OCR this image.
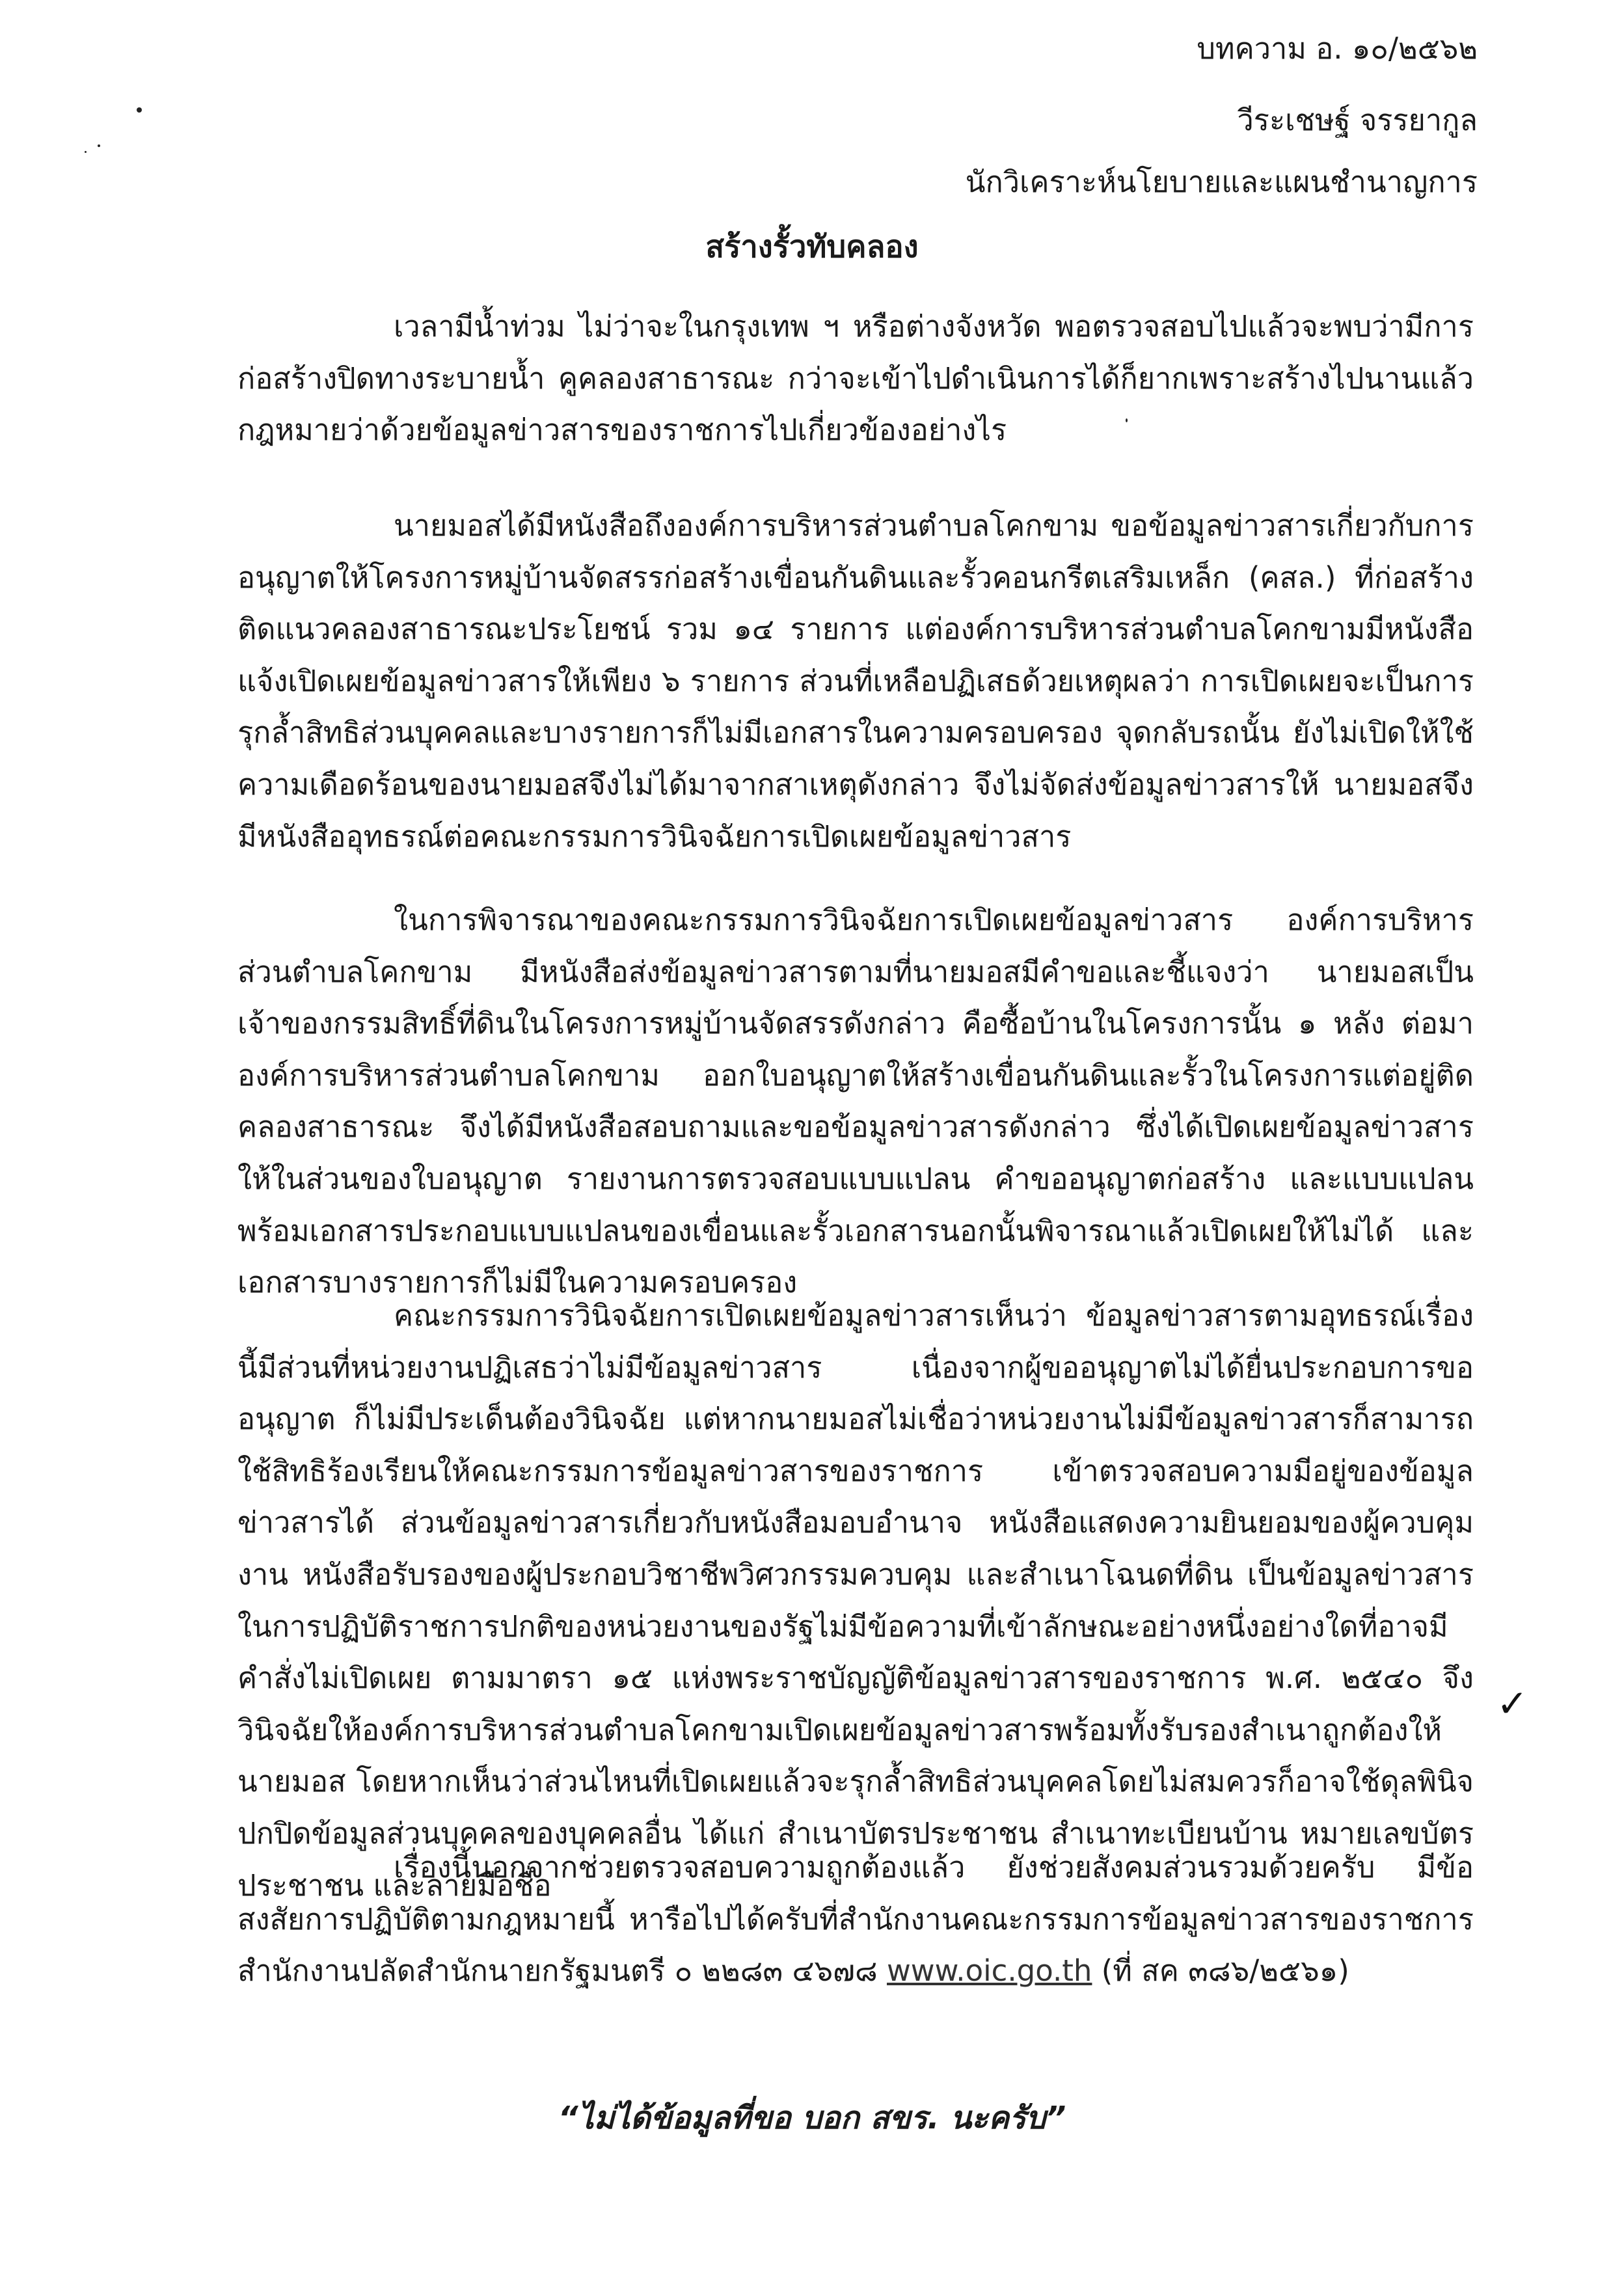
บทความ อ. ๑๐/๒๕๖๒
วีระเชษฐ์ จรรยากูล
นักวิเคราะห์นโยบายและแผนชำนาญการ
สร้างรั้วทับคลอง
เวลามีน้ำท่วม ไม่ว่าจะในกรุงเทพ ฯ หรือต่างจังหวัด พอตรวจสอบไปแล้วจะพบว่ามีการก่อสร้างปิดทางระบายน้ำ คูคลองสาธารณะ กว่าจะเข้าไปดำเนินการได้ก็ยากเพราะสร้างไปนานแล้ว กฎหมายว่าด้วยข้อมูลข่าวสารของราชการไปเกี่ยวข้องอย่างไร
นายมอสได้มีหนังสือถึงองค์การบริหารส่วนตำบลโคกขาม ขอข้อมูลข่าวสารเกี่ยวกับการอนุญาตให้โครงการหมู่บ้านจัดสรรก่อสร้างเขื่อนกันดินและรั้วคอนกรีตเสริมเหล็ก (คสล.) ที่ก่อสร้างติดแนวคลองสาธารณะประโยชน์ รวม ๑๔ รายการ แต่องค์การบริหารส่วนตำบลโคกขามมีหนังสือแจ้งเปิดเผยข้อมูลข่าวสารให้เพียง ๖ รายการ ส่วนที่เหลือปฏิเสธด้วยเหตุผลว่า การเปิดเผยจะเป็นการรุกล้ำสิทธิส่วนบุคคลและบางรายการก็ไม่มีเอกสารในความครอบครอง จุดกลับรถนั้น ยังไม่เปิดให้ใช้ ความเดือดร้อนของนายมอสจึงไม่ได้มาจากสาเหตุดังกล่าว จึงไม่จัดส่งข้อมูลข่าวสารให้ นายมอสจึงมีหนังสืออุทธรณ์ต่อคณะกรรมการวินิจฉัยการเปิดเผยข้อมูลข่าวสาร
ในการพิจารณาของคณะกรรมการวินิจฉัยการเปิดเผยข้อมูลข่าวสาร องค์การบริหารส่วนตำบลโคกขาม มีหนังสือส่งข้อมูลข่าวสารตามที่นายมอสมีคำขอและชี้แจงว่า นายมอสเป็นเจ้าของกรรมสิทธิ์ที่ดินในโครงการหมู่บ้านจัดสรรดังกล่าว คือซื้อบ้านในโครงการนั้น ๑ หลัง ต่อมาองค์การบริหารส่วนตำบลโคกขาม ออกใบอนุญาตให้สร้างเขื่อนกันดินและรั้วในโครงการแต่อยู่ติดคลองสาธารณะ จึงได้มีหนังสือสอบถามและขอข้อมูลข่าวสารดังกล่าว ซึ่งได้เปิดเผยข้อมูลข่าวสารให้ในส่วนของใบอนุญาต รายงานการตรวจสอบแบบแปลน คำขออนุญาตก่อสร้าง และแบบแปลนพร้อมเอกสารประกอบแบบแปลนของเขื่อนและรั้วเอกสารนอกนั้นพิจารณาแล้วเปิดเผยให้ไม่ได้ และเอกสารบางรายการก็ไม่มีในความครอบครอง
คณะกรรมการวินิจฉัยการเปิดเผยข้อมูลข่าวสารเห็นว่า ข้อมูลข่าวสารตามอุทธรณ์เรื่องนี้มีส่วนที่หน่วยงานปฏิเสธว่าไม่มีข้อมูลข่าวสาร เนื่องจากผู้ขออนุญาตไม่ได้ยื่นประกอบการขออนุญาต ก็ไม่มีประเด็นต้องวินิจฉัย แต่หากนายมอสไม่เชื่อว่าหน่วยงานไม่มีข้อมูลข่าวสารก็สามารถใช้สิทธิร้องเรียนให้คณะกรรมการข้อมูลข่าวสารของราชการ เข้าตรวจสอบความมีอยู่ของข้อมูลข่าวสารได้ ส่วนข้อมูลข่าวสารเกี่ยวกับหนังสือมอบอำนาจ หนังสือแสดงความยินยอมของผู้ควบคุมงาน หนังสือรับรองของผู้ประกอบวิชาชีพวิศวกรรมควบคุม และสำเนาโฉนดที่ดิน เป็นข้อมูลข่าวสารในการปฏิบัติราชการปกติของหน่วยงานของรัฐไม่มีข้อความที่เข้าลักษณะอย่างหนึ่งอย่างใดที่อาจมีคำสั่งไม่เปิดเผย ตามมาตรา ๑๕ แห่งพระราชบัญญัติข้อมูลข่าวสารของราชการ พ.ศ. ๒๕๔๐ จึงวินิจฉัยให้องค์การบริหารส่วนตำบลโคกขามเปิดเผยข้อมูลข่าวสารพร้อมทั้งรับรองสำเนาถูกต้องให้นายมอส โดยหากเห็นว่าส่วนไหนที่เปิดเผยแล้วจะรุกล้ำสิทธิส่วนบุคคลโดยไม่สมควรก็อาจใช้ดุลพินิจปกปิดข้อมูลส่วนบุคคลของบุคคลอื่น ได้แก่ สำเนาบัตรประชาชน สำเนาทะเบียนบ้าน หมายเลขบัตรประชาชน และลายมือชื่อ
✓
เรื่องนี้นอกจากช่วยตรวจสอบความถูกต้องแล้ว ยังช่วยสังคมส่วนรวมด้วยครับ มีข้อสงสัยการปฏิบัติตามกฎหมายนี้ หารือไปได้ครับที่สำนักงานคณะกรรมการข้อมูลข่าวสารของราชการ สำนักงานปลัดสำนักนายกรัฐมนตรี ๐ ๒๒๘๓ ๔๖๗๘ www.oic.go.th (ที่ สค ๓๘๖/๒๕๖๑)
“ไม่ได้ข้อมูลที่ขอ บอก สขร. นะครับ”
